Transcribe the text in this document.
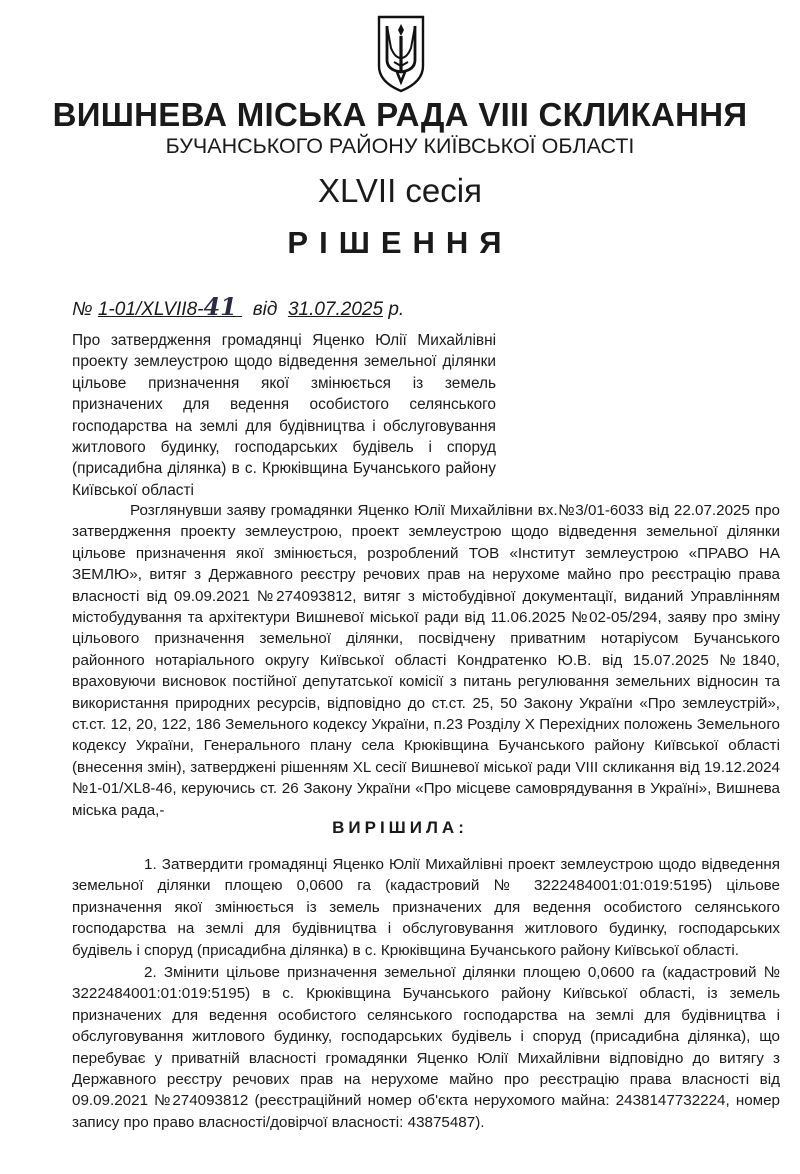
ВИШНЕВА МІСЬКА РАДА VIII СКЛИКАННЯ
БУЧАНСЬКОГО РАЙОНУ КИЇВСЬКОЇ ОБЛАСТІ
XLVII сесія
РІШЕННЯ
№ 1-01/XLVII8-41 від 31.07.2025 р.
Про затвердження громадянці Яценко Юлії Михайлівні проекту землеустрою щодо відведення земельної ділянки цільове призначення якої змінюється із земель призначених для ведення особистого селянського господарства на землі для будівництва і обслуговування житлового будинку, господарських будівель і споруд (присадибна ділянка) в с. Крюківщина Бучанського району Київської області
Розглянувши заяву громадянки Яценко Юлії Михайлівни вх.№3/01-6033 від 22.07.2025 про затвердження проекту землеустрою, проект землеустрою щодо відведення земельної ділянки цільове призначення якої змінюється, розроблений ТОВ «Інститут землеустрою «ПРАВО НА ЗЕМЛЮ», витяг з Державного реєстру речових прав на нерухоме майно про реєстрацію права власності від 09.09.2021 №274093812, витяг з містобудівної документації, виданий Управлінням містобудування та архітектури Вишневої міської ради від 11.06.2025 №02-05/294, заяву про зміну цільового призначення земельної ділянки, посвідчену приватним нотаріусом Бучанського районного нотаріального округу Київської області Кондратенко Ю.В. від 15.07.2025 №1840, враховуючи висновок постійної депутатської комісії з питань регулювання земельних відносин та використання природних ресурсів, відповідно до ст.ст. 25, 50 Закону України «Про землеустрій», ст.ст. 12, 20, 122, 186 Земельного кодексу України, п.23 Розділу Х Перехідних положень Земельного кодексу України, Генерального плану села Крюківщина Бучанського району Київської області (внесення змін), затверджені рішенням XL сесії Вишневої міської ради VIII скликання від 19.12.2024 №1-01/XL8-46, керуючись ст. 26 Закону України «Про місцеве самоврядування в Україні», Вишнева міська рада,-
ВИРІШИЛА:
1. Затвердити громадянці Яценко Юлії Михайлівні проект землеустрою щодо відведення земельної ділянки площею 0,0600 га (кадастровий № 3222484001:01:019:5195) цільове призначення якої змінюється із земель призначених для ведення особистого селянського господарства на землі для будівництва і обслуговування житлового будинку, господарських будівель і споруд (присадибна ділянка) в с. Крюківщина Бучанського району Київської області.
2. Змінити цільове призначення земельної ділянки площею 0,0600 га (кадастровий № 3222484001:01:019:5195) в с. Крюківщина Бучанського району Київської області, із земель призначених для ведення особистого селянського господарства на землі для будівництва і обслуговування житлового будинку, господарських будівель і споруд (присадибна ділянка), що перебуває у приватній власності громадянки Яценко Юлії Михайлівни відповідно до витягу з Державного реєстру речових прав на нерухоме майно про реєстрацію права власності від 09.09.2021 №274093812 (реєстраційний номер об'єкта нерухомого майна: 2438147732224, номер запису про право власності/довірчої власності: 43875487).
